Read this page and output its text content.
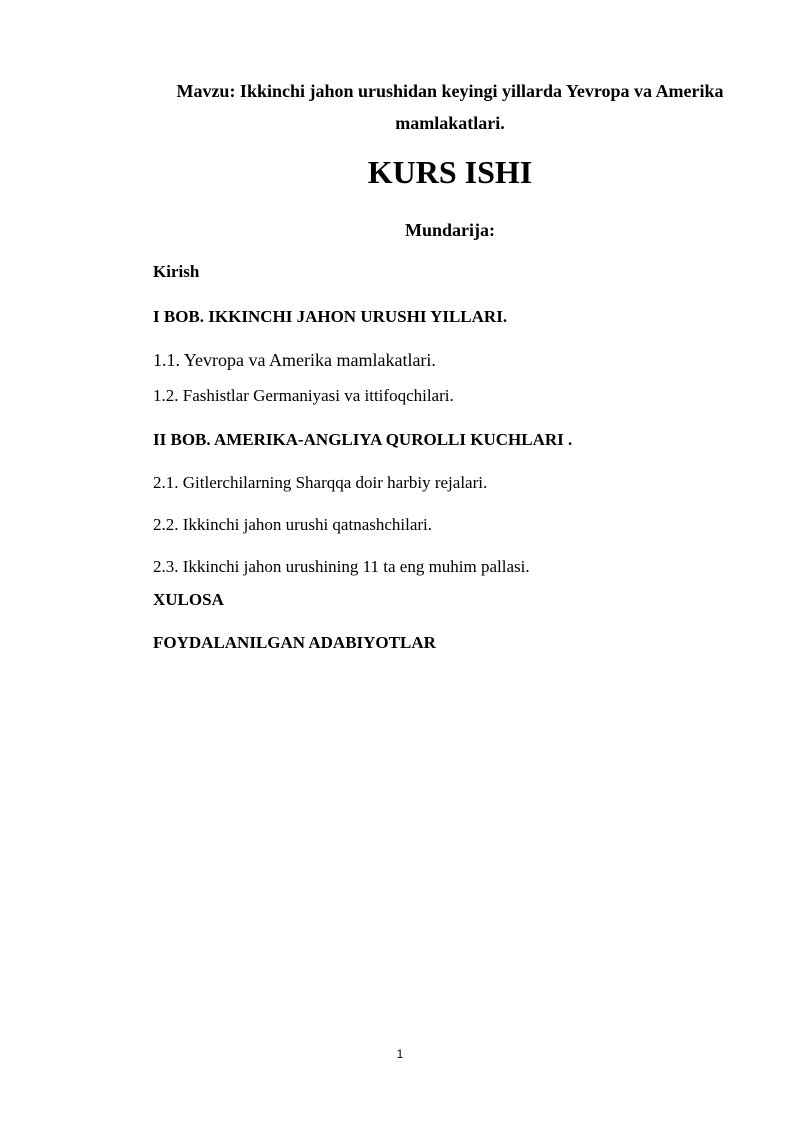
Mavzu: Ikkinchi jahon urushidan keyingi yillarda Yevropa va Amerika
mamlakatlari.
KURS ISHI
Mundarija:
Kirish
I BOB. IKKINCHI JAHON URUSHI YILLARI.
1.1. Yevropa va Amerika mamlakatlari.
1.2. Fashistlar Germaniyasi va ittifoqchilari.
II BOB. AMERIKA-ANGLIYA QUROLLI KUCHLARI .
2.1. Gitlerchilarning Sharqqa doir harbiy rejalari.
2.2. Ikkinchi jahon urushi qatnashchilari.
2.3. Ikkinchi jahon urushining 11 ta eng muhim pallasi.
XULOSA
FOYDALANILGAN ADABIYOTLAR
1
